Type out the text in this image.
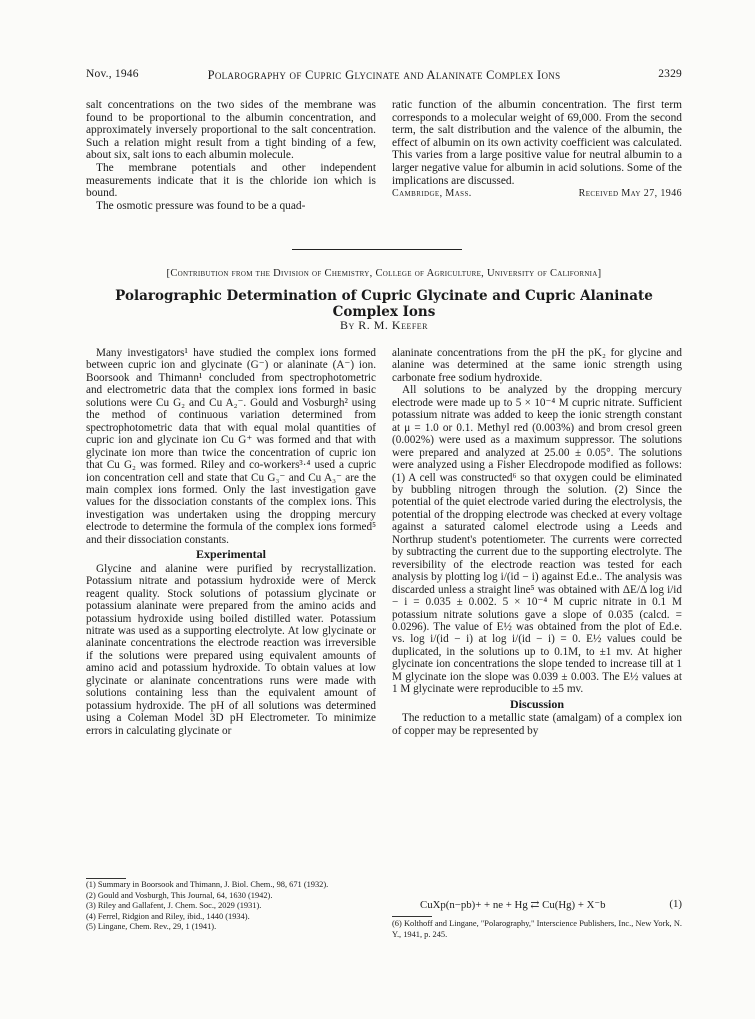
Nov., 1946	Polarography of Cupric Glycinate and Alaninate Complex Ions	2329

salt concentrations on the two sides of the membrane was found to be proportional to the albumin concentration, and approximately inversely proportional to the salt concentration. Such a relation might result from a tight binding of a few, about six, salt ions to each albumin molecule.

The membrane potentials and other independent measurements indicate that it is the chloride ion which is bound.

The osmotic pressure was found to be a quad-

ratic function of the albumin concentration. The first term corresponds to a molecular weight of 69,000. From the second term, the salt distribution and the valence of the albumin, the effect of albumin on its own activity coefficient was calculated. This varies from a large positive value for neutral albumin to a larger negative value for albumin in acid solutions. Some of the implications are discussed.

Cambridge, Mass.	Received May 27, 1946
[Contribution from the Division of Chemistry, College of Agriculture, University of California]
Polarographic Determination of Cupric Glycinate and Cupric Alaninate Complex Ions
By R. M. Keefer

Many investigators¹ have studied the complex ions formed between cupric ion and glycinate (G⁻) or alaninate (A⁻) ion. Boorsook and Thimann¹ concluded from spectrophotometric and electrometric data that the complex ions formed in basic solutions were Cu G₂ and Cu A₂⁻. Gould and Vosburgh² using the method of continuous variation determined from spectrophotometric data that with equal molal quantities of cupric ion and glycinate ion Cu G⁺ was formed and that with glycinate ion more than twice the concentration of cupric ion that Cu G₂ was formed. Riley and co-workers³·⁴ used a cupric ion concentration cell and state that Cu G₃⁻ and Cu A₃⁻ are the main complex ions formed. Only the last investigation gave values for the dissociation constants of the complex ions. This investigation was undertaken using the dropping mercury electrode to determine the formula of the complex ions formed⁵ and their dissociation constants.

Experimental

Glycine and alanine were purified by recrystallization. Potassium nitrate and potassium hydroxide were of Merck reagent quality. Stock solutions of potassium glycinate or potassium alaninate were prepared from the amino acids and potassium hydroxide using boiled distilled water. Potassium nitrate was used as a supporting electrolyte. At low glycinate or alaninate concentrations the electrode reaction was irreversible if the solutions were prepared using equivalent amounts of amino acid and potassium hydroxide. To obtain values at low glycinate or alaninate concentrations runs were made with solutions containing less than the equivalent amount of potassium hydroxide. The pH of all solutions was determined using a Coleman Model 3D pH Electrometer. To minimize errors in calculating glycinate or

alaninate concentrations from the pH the pK₂ for glycine and alanine was determined at the same ionic strength using carbonate free sodium hydroxide.

All solutions to be analyzed by the dropping mercury electrode were made up to 5 × 10⁻⁴ M cupric nitrate. Sufficient potassium nitrate was added to keep the ionic strength constant at μ = 1.0 or 0.1. Methyl red (0.003%) and brom cresol green (0.002%) were used as a maximum suppressor. The solutions were prepared and analyzed at 25.00 ± 0.05°. The solutions were analyzed using a Fisher Elecdropode modified as follows: (1) A cell was constructed⁶ so that oxygen could be eliminated by bubbling nitrogen through the solution. (2) Since the potential of the quiet electrode varied during the electrolysis, the potential of the dropping electrode was checked at every voltage against a saturated calomel electrode using a Leeds and Northrup student's potentiometer. The currents were corrected by subtracting the current due to the supporting electrolyte. The reversibility of the electrode reaction was tested for each analysis by plotting log i/(id − i) against Ed.e.. The analysis was discarded unless a straight line⁵ was obtained with ΔE/Δ log i/id − i = 0.035 ± 0.002. 5 × 10⁻⁴ M cupric nitrate in 0.1 M potassium nitrate solutions gave a slope of 0.035 (calcd. = 0.0296). The value of E½ was obtained from the plot of Ed.e. vs. log i/(id − i) at log i/(id − i) = 0. E½ values could be duplicated, in the solutions up to 0.1M, to ±1 mv. At higher glycinate ion concentrations the slope tended to increase till at 1 M glycinate ion the slope was 0.039 ± 0.003. The E½ values at 1 M glycinate were reproducible to ±5 mv.

Discussion

The reduction to a metallic state (amalgam) of a complex ion of copper may be represented by

CuXp(n−pb)+ + ne + Hg ⇄ Cu(Hg) + X⁻b	(1)
(1) Summary in Boorsook and Thimann, J. Biol. Chem., 98, 671 (1932).
(2) Gould and Vosburgh, This Journal, 64, 1630 (1942).
(3) Riley and Gallafent, J. Chem. Soc., 2029 (1931).
(4) Ferrel, Ridgion and Riley, ibid., 1440 (1934).
(5) Lingane, Chem. Rev., 29, 1 (1941).	(6) Kolthoff and Lingane, "Polarography," Interscience Publishers, Inc., New York, N. Y., 1941, p. 245.
